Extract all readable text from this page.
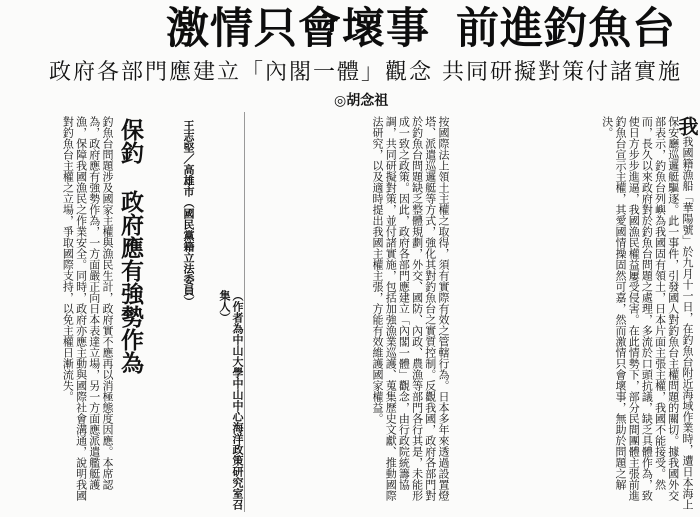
激情只會壞事 前進釣魚台
政府各部門應建立「內閣一體」觀念 共同研擬對策付諸實施
◎胡念祖
我我國籍漁船「華陽號」於九月十一日，在釣魚台附近海域作業時，遭日本海上保安廳巡邏艇驅逐。此一事件，引發國人對釣魚台主權問題的關切。據我國外交部表示，釣魚台列嶼為我國固有領土，日本片面主張主權，我國不能接受。然而，長久以來政府對於釣魚台問題之處理，多流於口頭抗議，缺乏具體作為，致使日方步步進逼，我國漁民權益屢受侵害。在此情勢下，部分民間團體主張前進釣魚台宣示主權，其愛國情操固然可嘉，然而激情只會壞事，無助於問題之解決。
按國際法上領土主權之取得，須有實際有效之管轄行為。日本多年來透過設置燈塔、派遣巡邏艇等方式，強化其對釣魚台之實質控制。反觀我國，政府各部門對於釣魚台問題缺乏整體規劃，外交、國防、內政、農漁等部門各行其是，未能形成一致之政策。因此，政府各部門應建立「內閣一體」觀念，由行政院統籌協調，共同研擬對策，並付諸實施，包括加強漁業巡護、蒐集歷史文獻、推動國際法研究，以及適時提出我國主權主張，方能有效維護國家權益。
保釣 政府應有強勢作為	王志堅／高雄市（國民黨籍立法委員）
（作者為中山大學中山中心海洋政策研究室召集人）
釣魚台問題涉及國家主權與漁民生計，政府實不應再以消極態度因應。本席認為，政府應有強勢作為，一方面嚴正向日本表達立場，另一方面應派遣艦艇護漁，保障我國漁民之作業安全。同時，政府亦應主動與國際社會溝通，說明我國對釣魚台主權之立場，爭取國際支持，以免主權日漸流失。
